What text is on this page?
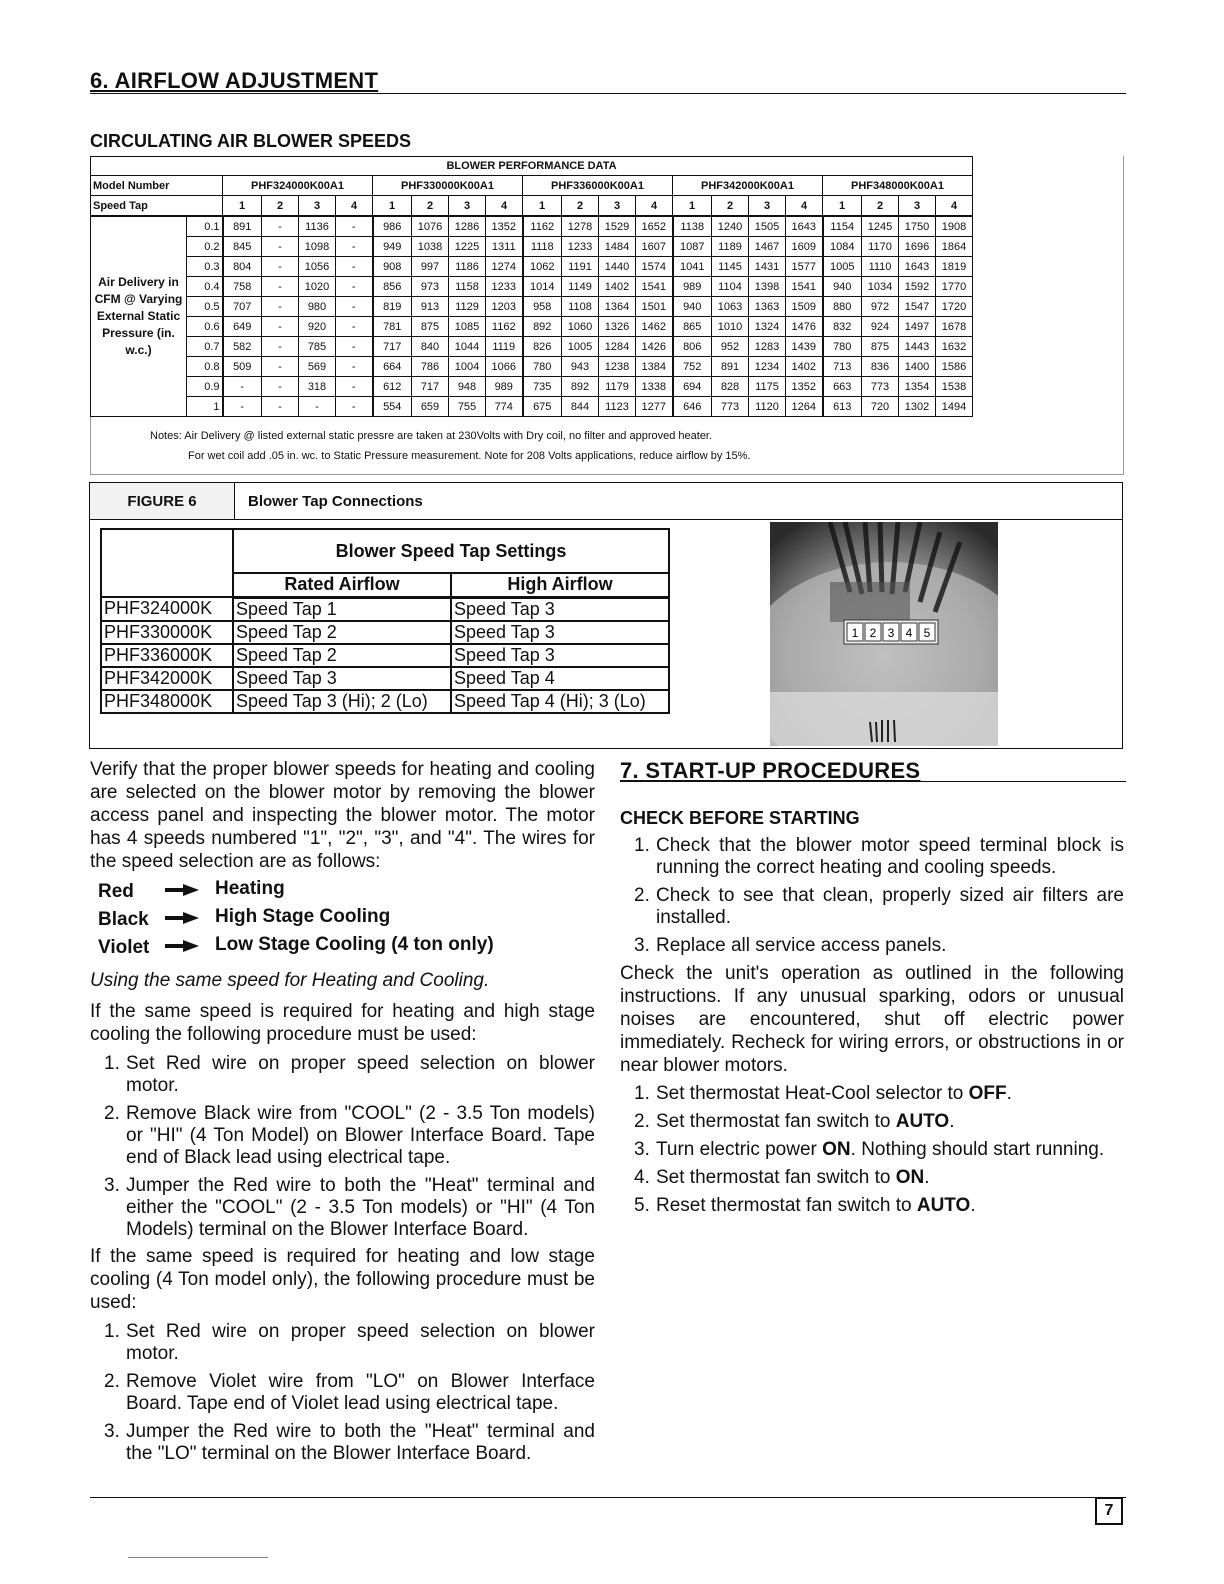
6. AIRFLOW ADJUSTMENT
CIRCULATING AIR BLOWER SPEEDS
BLOWER PERFORMANCE DATA																					
Model Number		PHF324000K00A1				PHF330000K00A1				PHF336000K00A1				PHF342000K00A1				PHF348000K00A1			
Speed Tap		1	2	3	4	1	2	3	4	1	2	3	4	1	2	3	4	1	2	3	4
Air Delivery in CFM @ Varying External Static Pressure (in. w.c.)	0.1	891	-	1136	-	986	1076	1286	1352	1162	1278	1529	1652	1138	1240	1505	1643	1154	1245	1750	1908
	0.2	845	-	1098	-	949	1038	1225	1311	1118	1233	1484	1607	1087	1189	1467	1609	1084	1170	1696	1864
	0.3	804	-	1056	-	908	997	1186	1274	1062	1191	1440	1574	1041	1145	1431	1577	1005	1110	1643	1819
	0.4	758	-	1020	-	856	973	1158	1233	1014	1149	1402	1541	989	1104	1398	1541	940	1034	1592	1770
	0.5	707	-	980	-	819	913	1129	1203	958	1108	1364	1501	940	1063	1363	1509	880	972	1547	1720
	0.6	649	-	920	-	781	875	1085	1162	892	1060	1326	1462	865	1010	1324	1476	832	924	1497	1678
	0.7	582	-	785	-	717	840	1044	1119	826	1005	1284	1426	806	952	1283	1439	780	875	1443	1632
	0.8	509	-	569	-	664	786	1004	1066	780	943	1238	1384	752	891	1234	1402	713	836	1400	1586
	0.9	-	-	318	-	612	717	948	989	735	892	1179	1338	694	828	1175	1352	663	773	1354	1538
	1	-	-	-	-	554	659	755	774	675	844	1123	1277	646	773	1120	1264	613	720	1302	1494
Notes: Air Delivery @ listed external static pressre are taken at 230Volts with Dry coil, no filter and approved heater.
For wet coil add .05 in. wc. to Static Pressure measurement. Note for 208 Volts applications, reduce airflow by 15%.
FIGURE 6	Blower Tap Connections
	Blower Speed Tap Settings	
	Rated Airflow	High Airflow
PHF324000K	Speed Tap 1	Speed Tap 3
PHF330000K	Speed Tap 2	Speed Tap 3
PHF336000K	Speed Tap 2	Speed Tap 3
PHF342000K	Speed Tap 3	Speed Tap 4
PHF348000K	Speed Tap 3 (Hi); 2 (Lo)	Speed Tap 4 (Hi); 3 (Lo)
1 2 3 4 5
Verify that the proper blower speeds for heating and cooling are selected on the blower motor by removing the blower access panel and inspecting the blower motor. The motor has 4 speeds numbered "1", "2", "3", and "4". The wires for the speed selection are as follows:
Red	Heating
Black	High Stage Cooling
Violet	Low Stage Cooling (4 ton only)
Using the same speed for Heating and Cooling.
If the same speed is required for heating and high stage cooling the following procedure must be used:
1. Set Red wire on proper speed selection on blower motor.
2. Remove Black wire from "COOL" (2 - 3.5 Ton models) or "HI" (4 Ton Model) on Blower Interface Board. Tape end of Black lead using electrical tape.
3. Jumper the Red wire to both the "Heat" terminal and either the "COOL" (2 - 3.5 Ton models) or "HI" (4 Ton Models) terminal on the Blower Interface Board.
If the same speed is required for heating and low stage cooling (4 Ton model only), the following procedure must be used:
1. Set Red wire on proper speed selection on blower motor.
2. Remove Violet wire from "LO" on Blower Interface Board. Tape end of Violet lead using electrical tape.
3. Jumper the Red wire to both the "Heat" terminal and the "LO" terminal on the Blower Interface Board.
7. START-UP PROCEDURES
CHECK BEFORE STARTING
1. Check that the blower motor speed terminal block is running the correct heating and cooling speeds.
2. Check to see that clean, properly sized air filters are installed.
3. Replace all service access panels.
Check the unit's operation as outlined in the following instructions. If any unusual sparking, odors or unusual noises are encountered, shut off electric power immediately. Recheck for wiring errors, or obstructions in or near blower motors.
1. Set thermostat Heat-Cool selector to OFF.
2. Set thermostat fan switch to AUTO.
3. Turn electric power ON. Nothing should start running.
4. Set thermostat fan switch to ON.
5. Reset thermostat fan switch to AUTO.
7
